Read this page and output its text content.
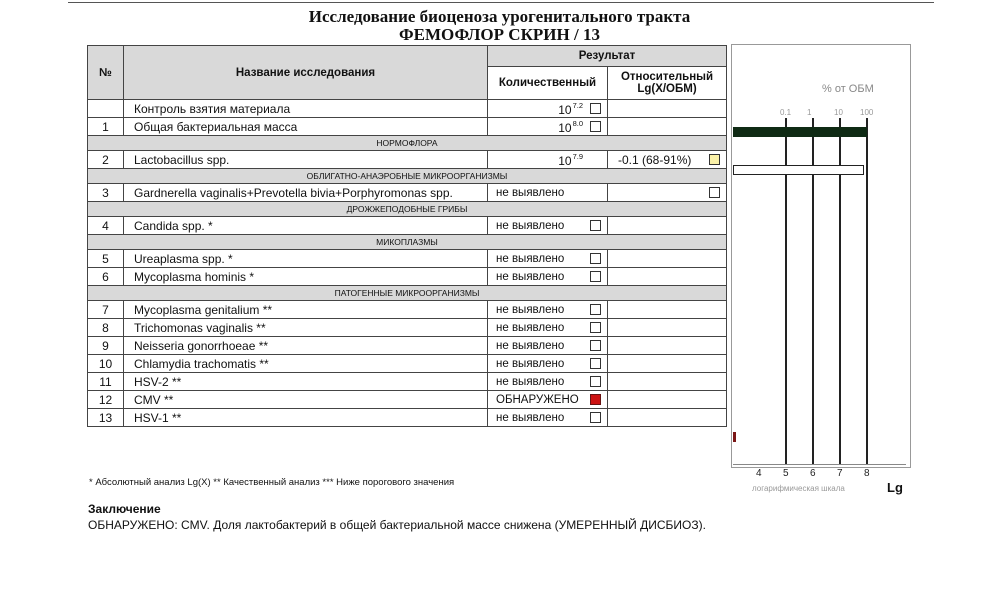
Исследование биоценоза урогенитального тракта
ФЕМОФЛОР СКРИН / 13
№	Название исследования	Результат	
		Количественный	Относительный
Lg(X/ОБМ)
	Контроль взятия материала	$10^{7.2}$

1	Общая бактериальная масса	$10^{8.0}$

НОРМОФЛОРА			
2	Lactobacillus spp.	$10^{7.9}$	-0.1 (68-91%)

ОБЛИГАТНО-АНАЭРОБНЫЕ МИКРООРГАНИЗМЫ			
3	Gardnerella vaginalis+Prevotella bivia+Porphyromonas spp.	не выявлено	

ДРОЖЖЕПОДОБНЫЕ ГРИБЫ			
4	Candida spp. *	не выявлено

МИКОПЛАЗМЫ			
5	Ureaplasma spp. *	не выявлено

6	Mycoplasma hominis *	не выявлено

ПАТОГЕННЫЕ МИКРООРГАНИЗМЫ			
7	Mycoplasma genitalium **	не выявлено

8	Trichomonas vaginalis **	не выявлено

9	Neisseria gonorrhoeae **	не выявлено

10	Chlamydia trachomatis **	не выявлено

11	HSV-2 **	не выявлено

12	CMV **	ОБНАРУЖЕНО

13	HSV-1 **	не выявлено

% от ОБМ
0.1 1	10 100
4 5 6 7 8
логарифмическая шкала	Lg
* Абсолютный анализ Lg(X) ** Качественный анализ *** Ниже порогового значения
Заключение
ОБНАРУЖЕНО: CMV. Доля лактобактерий в общей бактериальной массе снижена (УМЕРЕННЫЙ ДИСБИОЗ).
